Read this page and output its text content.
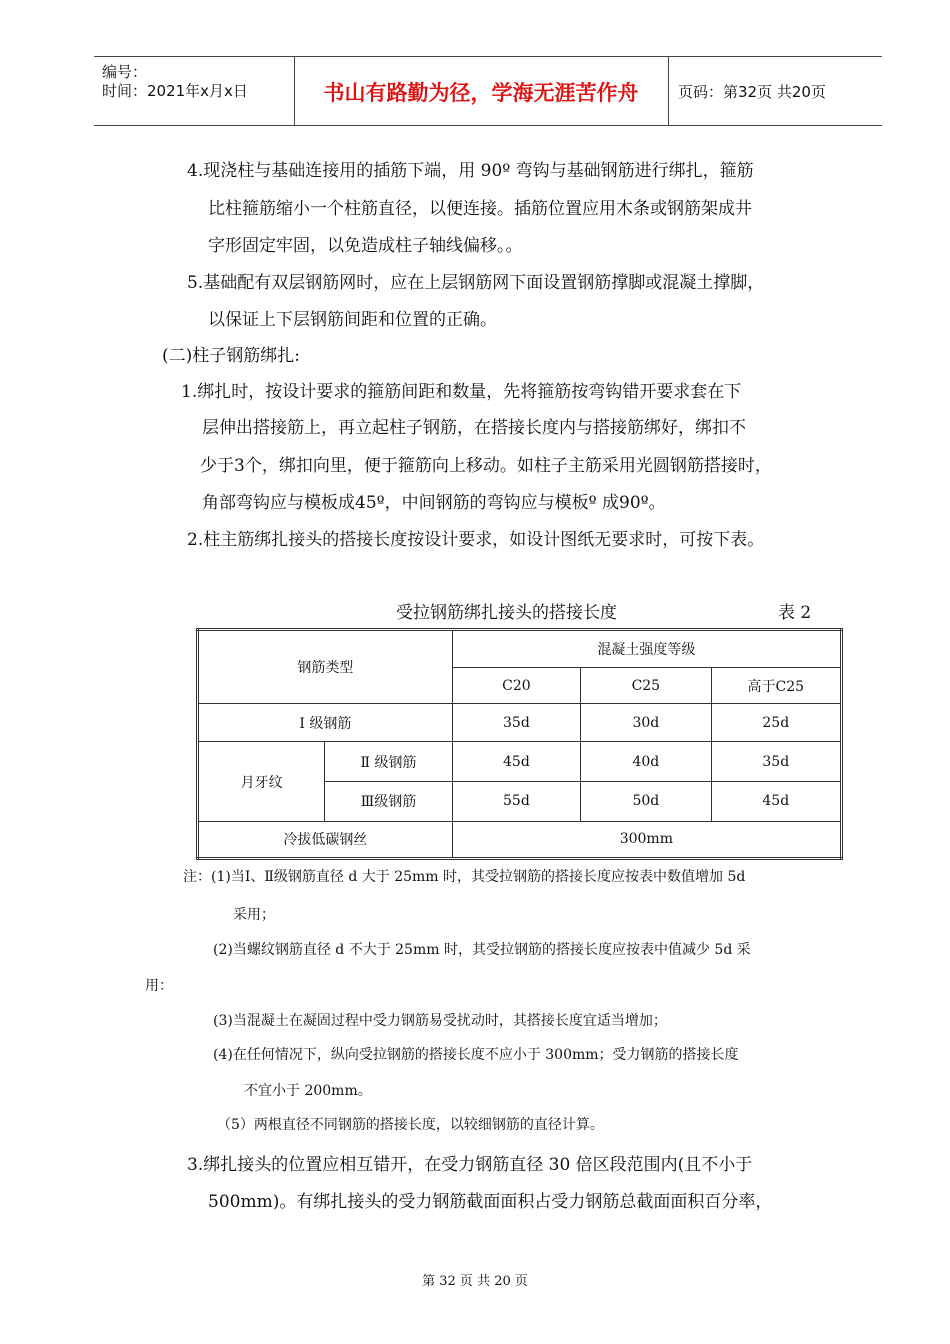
编号：
时间：2021年x月x日	书山有路勤为径，学海无涯苦作舟	页码：第32页 共20页
4.现浇柱与基础连接用的插筋下端，用 90º 弯钩与基础钢筋进行绑扎，箍筋
比柱箍筋缩小一个柱筋直径，以便连接。插筋位置应用木条或钢筋架成井
字形固定牢固，以免造成柱子轴线偏移。。
5.基础配有双层钢筋网时，应在上层钢筋网下面设置钢筋撑脚或混凝土撑脚，
以保证上下层钢筋间距和位置的正确。
(二)柱子钢筋绑扎:
1.绑扎时，按设计要求的箍筋间距和数量，先将箍筋按弯钩错开要求套在下
层伸出搭接筋上，再立起柱子钢筋，在搭接长度内与搭接筋绑好，绑扣不
少于3个，绑扣向里，便于箍筋向上移动。如柱子主筋采用光圆钢筋搭接时，
角部弯钩应与模板成45º，中间钢筋的弯钩应与模板º 成90º。
2.柱主筋绑扎接头的搭接长度按设计要求，如设计图纸无要求时，可按下表。
受拉钢筋绑扎接头的搭接长度	表 2
钢筋类型		混凝土强度等级		
		C20	C25	高于C25
Ⅰ 级钢筋		35d	30d	25d
月牙纹	Ⅱ 级钢筋	45d	40d	35d
	Ⅲ级钢筋	55d	50d	45d
冷拔低碳钢丝		300mm		
注：(1)当Ⅰ、Ⅱ级钢筋直径 d 大于 25mm 时，其受拉钢筋的搭接长度应按表中数值增加 5d
采用；
(2)当螺纹钢筋直径 d 不大于 25mm 时，其受拉钢筋的搭接长度应按表中值减少 5d 采
用：
(3)当混凝土在凝固过程中受力钢筋易受扰动时，其搭接长度宜适当增加；
(4)在任何情况下，纵向受拉钢筋的搭接长度不应小于 300mm；受力钢筋的搭接长度
不宜小于 200mm。
（5）两根直径不同钢筋的搭接长度，以较细钢筋的直径计算。
3.绑扎接头的位置应相互错开，在受力钢筋直径 30 倍区段范围内(且不小于
500mm)。有绑扎接头的受力钢筋截面面积占受力钢筋总截面面积百分率，
第 32 页 共 20 页
